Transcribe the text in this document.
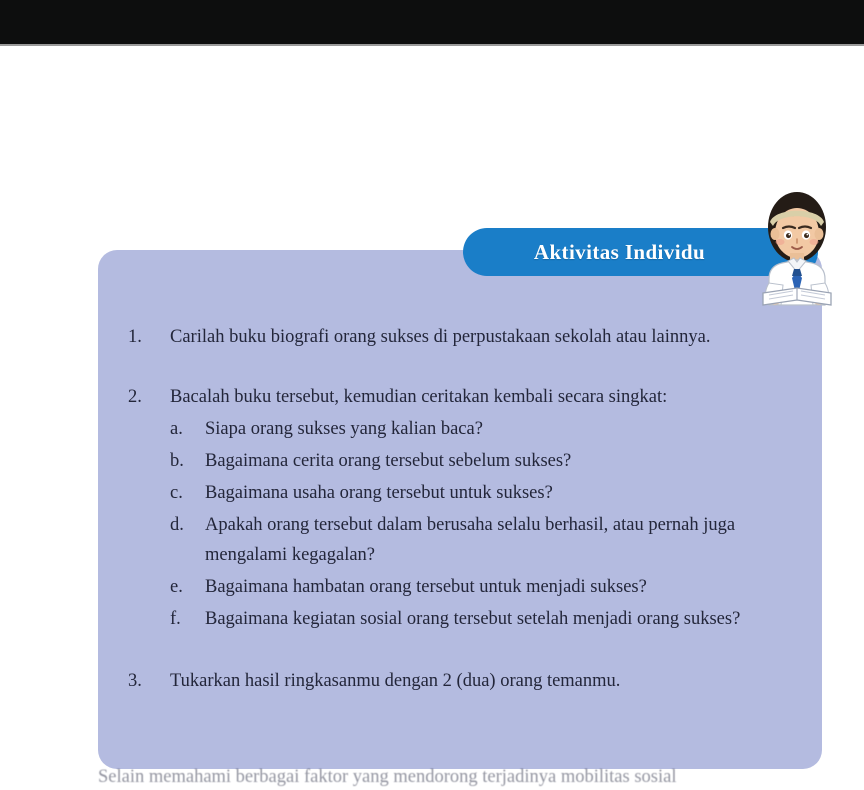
1.	Carilah buku biografi orang sukses di perpustakaan sekolah atau lainnya.
2.	Bacalah buku tersebut, kemudian ceritakan kembali secara singkat:
a.	Siapa orang sukses yang kalian baca?
b.	Bagaimana cerita orang tersebut sebelum sukses?
c.	Bagaimana usaha orang tersebut untuk sukses?
d.	Apakah orang tersebut dalam berusaha selalu berhasil, atau pernah juga mengalami kegagalan?
e.	Bagaimana hambatan orang tersebut untuk menjadi sukses?
f.	Bagaimana kegiatan sosial orang tersebut setelah menjadi orang sukses?
3.	Tukarkan hasil ringkasanmu dengan 2 (dua) orang temanmu.
Aktivitas Individu
Selain memahami berbagai faktor yang mendorong terjadinya mobilitas sosial
